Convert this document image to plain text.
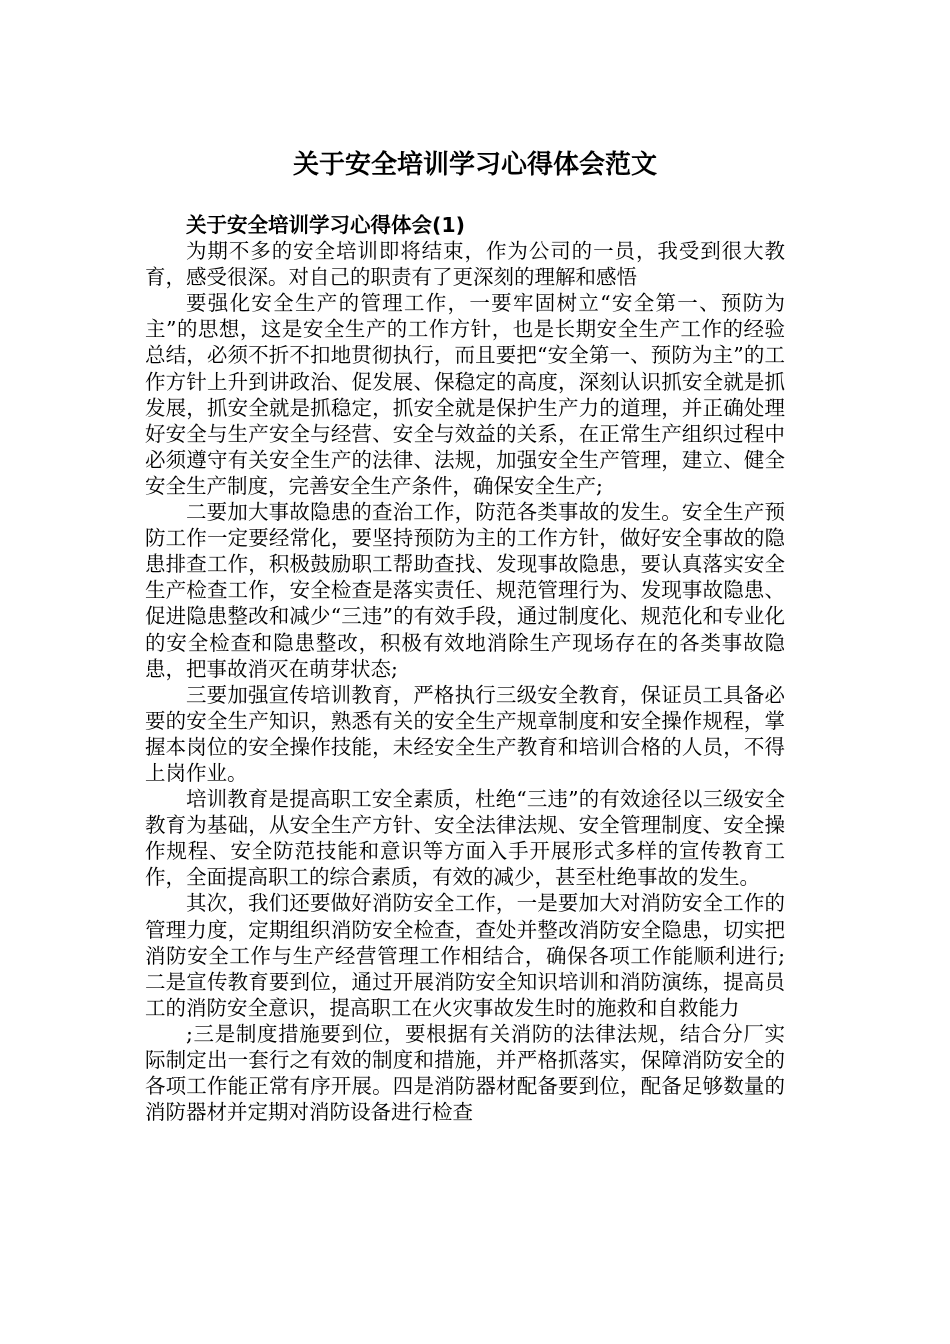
关于安全培训学习心得体会范文

关于安全培训学习心得体会(1)

为期不多的安全培训即将结束，作为公司的一员，我受到很大教育，感受很深。对自己的职责有了更深刻的理解和感悟

要强化安全生产的管理工作，一要牢固树立“安全第一、预防为主”的思想，这是安全生产的工作方针，也是长期安全生产工作的经验总结，必须不折不扣地贯彻执行，而且要把“安全第一、预防为主”的工作方针上升到讲政治、促发展、保稳定的高度，深刻认识抓安全就是抓发展，抓安全就是抓稳定，抓安全就是保护生产力的道理，并正确处理好安全与生产安全与经营、安全与效益的关系，在正常生产组织过程中必须遵守有关安全生产的法律、法规，加强安全生产管理，建立、健全安全生产制度，完善安全生产条件，确保安全生产;

二要加大事故隐患的查治工作，防范各类事故的发生。安全生产预防工作一定要经常化，要坚持预防为主的工作方针，做好安全事故的隐患排查工作，积极鼓励职工帮助查找、发现事故隐患，要认真落实安全生产检查工作，安全检查是落实责任、规范管理行为、发现事故隐患、促进隐患整改和减少“三违”的有效手段，通过制度化、规范化和专业化的安全检查和隐患整改，积极有效地消除生产现场存在的各类事故隐患，把事故消灭在萌芽状态;

三要加强宣传培训教育，严格执行三级安全教育，保证员工具备必要的安全生产知识，熟悉有关的安全生产规章制度和安全操作规程，掌握本岗位的安全操作技能，未经安全生产教育和培训合格的人员，不得上岗作业。

培训教育是提高职工安全素质，杜绝“三违”的有效途径以三级安全教育为基础，从安全生产方针、安全法律法规、安全管理制度、安全操作规程、安全防范技能和意识等方面入手开展形式多样的宣传教育工作，全面提高职工的综合素质，有效的减少，甚至杜绝事故的发生。

其次，我们还要做好消防安全工作，一是要加大对消防安全工作的管理力度，定期组织消防安全检查，查处并整改消防安全隐患，切实把消防安全工作与生产经营管理工作相结合，确保各项工作能顺利进行;二是宣传教育要到位，通过开展消防安全知识培训和消防演练，提高员工的消防安全意识，提高职工在火灾事故发生时的施救和自救能力

;三是制度措施要到位，要根据有关消防的法律法规，结合分厂实际制定出一套行之有效的制度和措施，并严格抓落实，保障消防安全的各项工作能正常有序开展。四是消防器材配备要到位，配备足够数量的消防器材并定期对消防设备进行检查
